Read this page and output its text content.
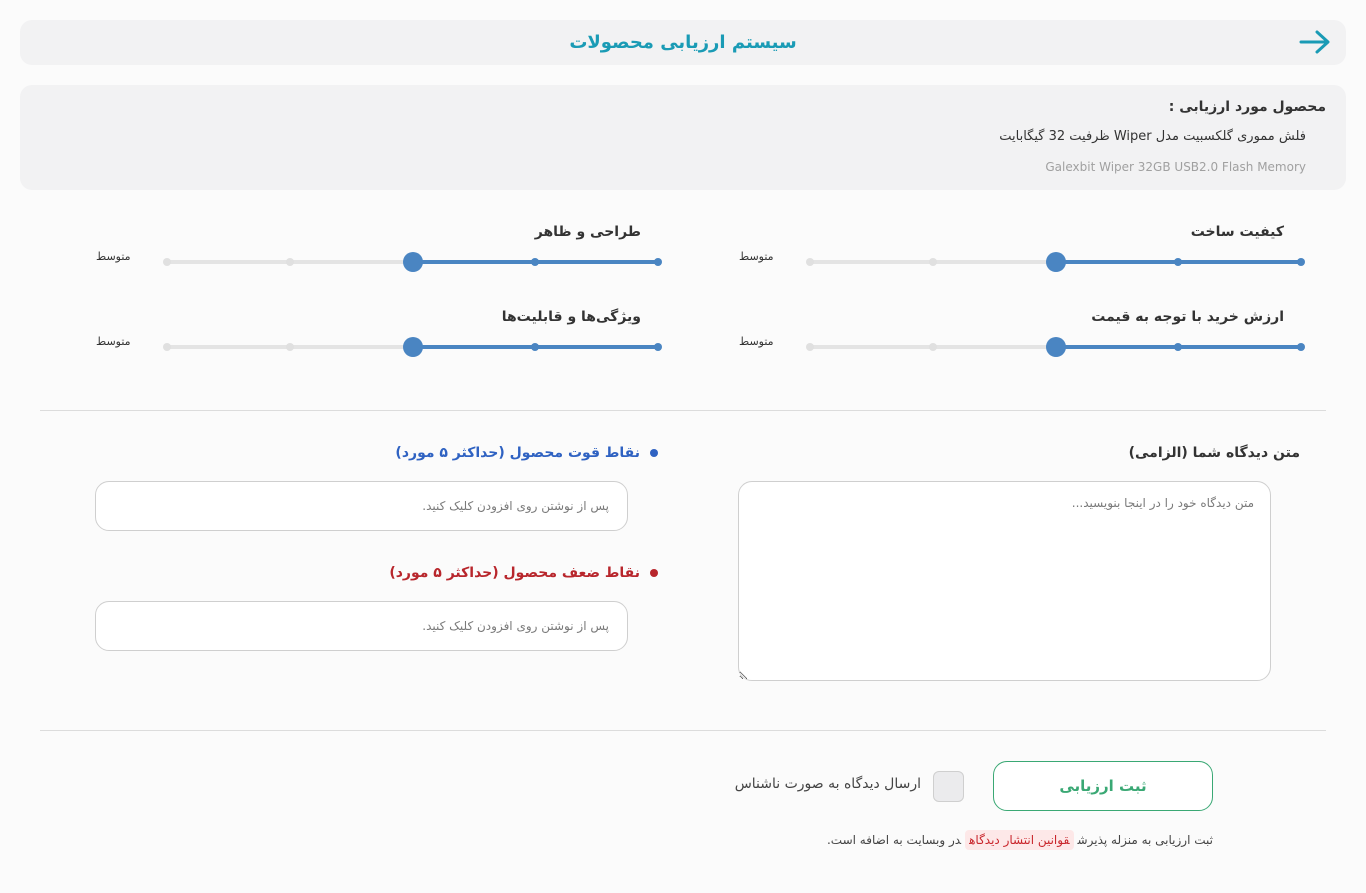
سیستم ارزیابی محصولات
محصول مورد ارزیابی :
فلش مموری گلکسبیت مدل Wiper ظرفیت 32 گیگابایت
Galexbit Wiper 32GB USB2.0 Flash Memory
کیفیت ساخت
متوسط
طراحی و ظاهر
متوسط
ارزش خرید با توجه به قیمت
متوسط
ویژگی‌ها و قابلیت‌ها
متوسط
متن دیدگاه شما (الزامی)
متن دیدگاه خود را در اینجا بنویسید...
نقاط قوت محصول (حداکثر ۵ مورد)
پس از نوشتن روی افزودن کلیک کنید.
نقاط ضعف محصول (حداکثر ۵ مورد)
پس از نوشتن روی افزودن کلیک کنید.
ثبت ارزیابی
ارسال دیدگاه به صورت ناشناس
ثبت ارزیابی به منزله پذیرشقوانین انتشار دیدگاهدر وبسایت به اضافه است.
